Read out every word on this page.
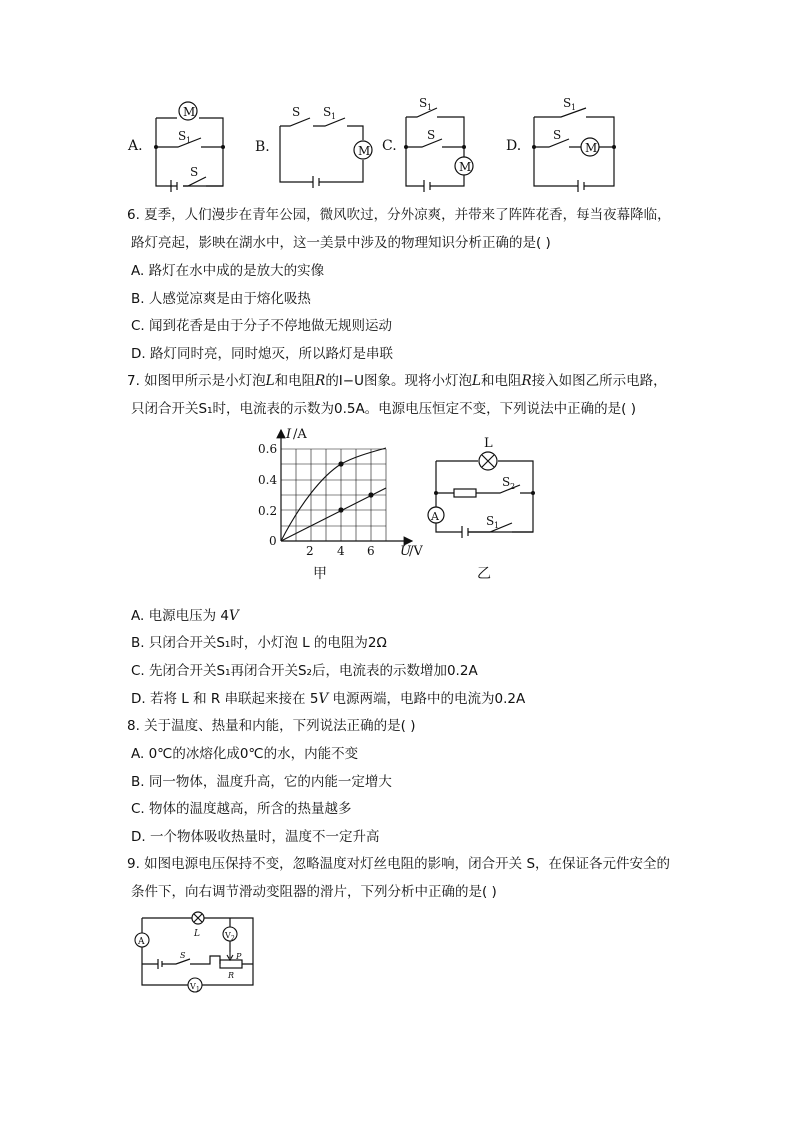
A.
M
S 1
S
B.
S S 1
M C.
S 1
S
M
D.
S 1
S
M
6. 夏季，人们漫步在青年公园，微风吹过，分外凉爽，并带来了阵阵花香，每当夜幕降临，
路灯亮起，影映在湖水中，这一美景中涉及的物理知识分析正确的是( )
A. 路灯在水中成的是放大的实像
B. 人感觉凉爽是由于熔化吸热
C. 闻到花香是由于分子不停地做无规则运动
D. 路灯同时亮，同时熄灭，所以路灯是串联
7. 如图甲所示是小灯泡L和电阻R的I−U图象。现将小灯泡L和电阻R接入如图乙所示电路，
只闭合开关S₁时，电流表的示数为0.5A。电源电压恒定不变，下列说法中正确的是( )
I /A
0.6
0.4
0.2
0
2 4 6 U
/V
甲
L
S 2
S 1
A
乙
A. 电源电压为 4V
B. 只闭合开关S₁时，小灯泡 L 的电阻为2Ω
C. 先闭合开关S₁再闭合开关S₂后，电流表的示数增加0.2A
D. 若将 L 和 R 串联起来接在 5V 电源两端，电路中的电流为0.2A
8. 关于温度、热量和内能，下列说法正确的是( )
A. 0℃的冰熔化成0℃的水，内能不变
B. 同一物体，温度升高，它的内能一定增大
C. 物体的温度越高，所含的热量越多
D. 一个物体吸收热量时，温度不一定升高
9. 如图电源电压保持不变，忽略温度对灯丝电阻的影响，闭合开关 S，在保证各元件安全的
条件下，向右调节滑动变阻器的滑片，下列分析中正确的是( )
L
A
V 2
P
S
R
V 1
